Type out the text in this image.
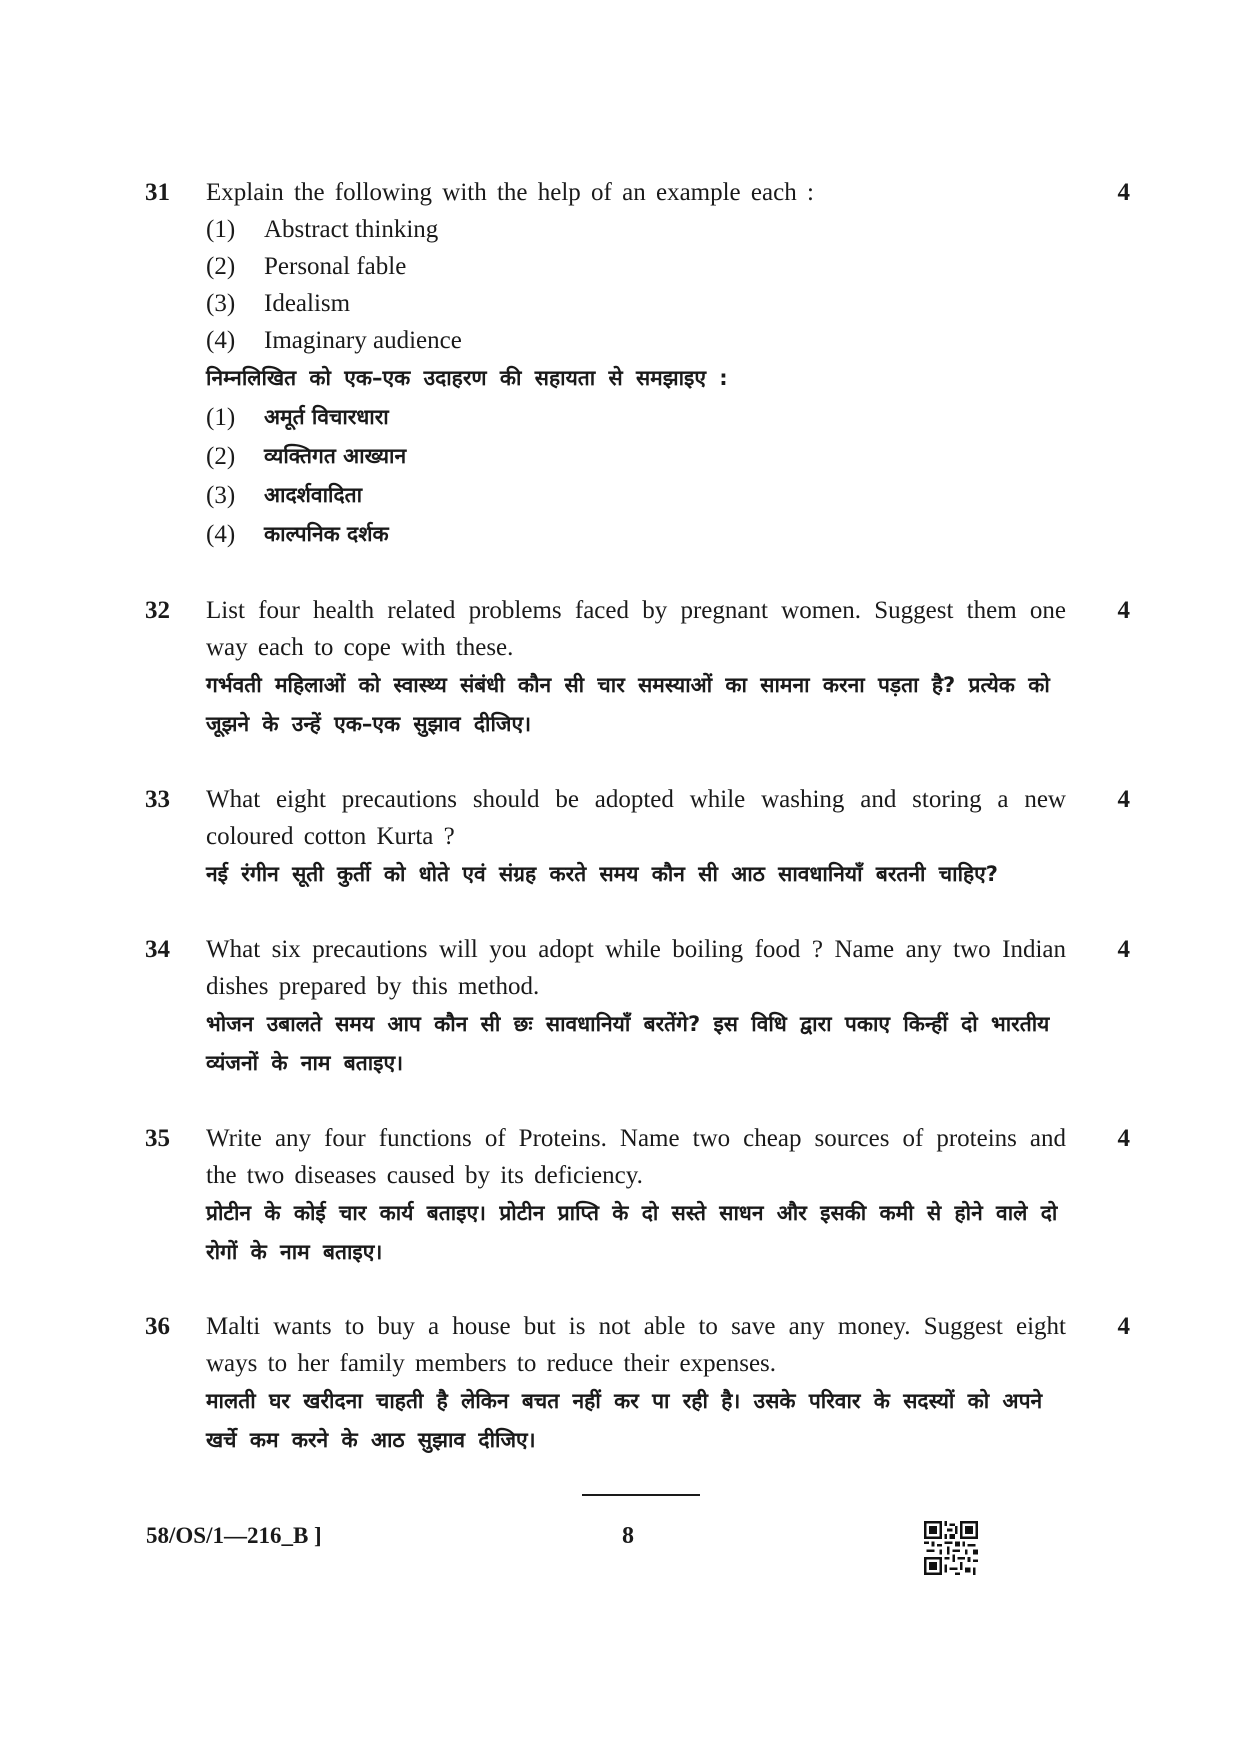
31	4
Explain the following with the help of an example each :
(1)	Abstract thinking
(2)	Personal fable
(3)	Idealism
(4)	Imaginary audience
निम्नलिखित को एक–एक उदाहरण की सहायता से समझाइए :
(1)	अमूर्त विचारधारा
(2)	व्यक्तिगत आख्यान
(3)	आदर्शवादिता
(4)	काल्पनिक दर्शक
32	4
List four health related problems faced by pregnant women. Suggest them one way each to cope with these.
गर्भवती महिलाओं को स्वास्थ्य संबंधी कौन सी चार समस्याओं का सामना करना पड़ता है? प्रत्येक को जूझने के उन्हें एक–एक सुझाव दीजिए।
33	4
What eight precautions should be adopted while washing and storing a new coloured cotton Kurta ?
नई रंगीन सूती कुर्ती को धोते एवं संग्रह करते समय कौन सी आठ सावधानियाँ बरतनी चाहिए?
34	4
What six precautions will you adopt while boiling food ? Name any two Indian dishes prepared by this method.
भोजन उबालते समय आप कौन सी छः सावधानियाँ बरतेंगे? इस विधि द्वारा पकाए किन्हीं दो भारतीय व्यंजनों के नाम बताइए।
35	4
Write any four functions of Proteins. Name two cheap sources of proteins and the two diseases caused by its deficiency.
प्रोटीन के कोई चार कार्य बताइए। प्रोटीन प्राप्ति के दो सस्ते साधन और इसकी कमी से होने वाले दो रोगों के नाम बताइए।
36	4
Malti wants to buy a house but is not able to save any money. Suggest eight ways to her family members to reduce their expenses.
मालती घर खरीदना चाहती है लेकिन बचत नहीं कर पा रही है। उसके परिवार के सदस्यों को अपने खर्चे कम करने के आठ सुझाव दीजिए।
58/OS/1—216_B ]	8
